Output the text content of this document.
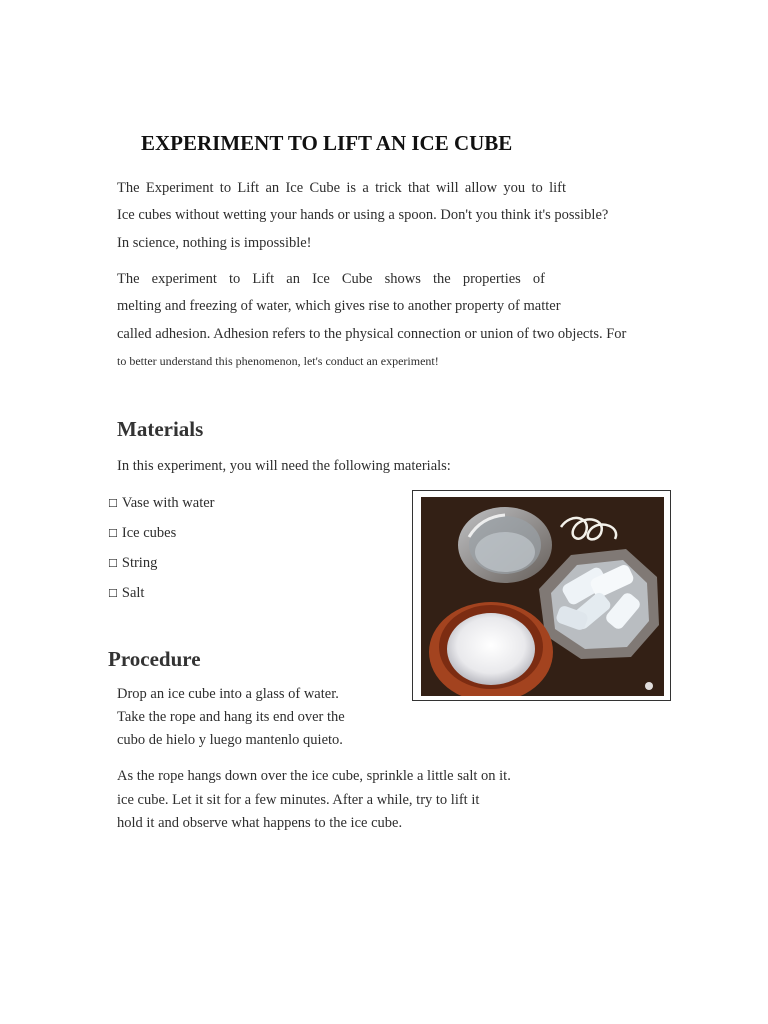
EXPERIMENT TO LIFT AN ICE CUBE
The Experiment to Lift an Ice Cube is a trick that will allow you to lift
Ice cubes without wetting your hands or using a spoon. Don't you think it's possible?
In science, nothing is impossible!
The experiment to Lift an Ice Cube shows the properties of
melting and freezing of water, which gives rise to another property of matter
called adhesion. Adhesion refers to the physical connection or union of two objects. For
to better understand this phenomenon, let's conduct an experiment!
Materials
In this experiment, you will need the following materials:
☐ Vase with water
☐ Ice cubes
☐ String
☐ Salt
Procedure
Drop an ice cube into a glass of water.
Take the rope and hang its end over the
cubo de hielo y luego mantenlo quieto.
As the rope hangs down over the ice cube, sprinkle a little salt on it.
ice cube. Let it sit for a few minutes. After a while, try to lift it
hold it and observe what happens to the ice cube.
